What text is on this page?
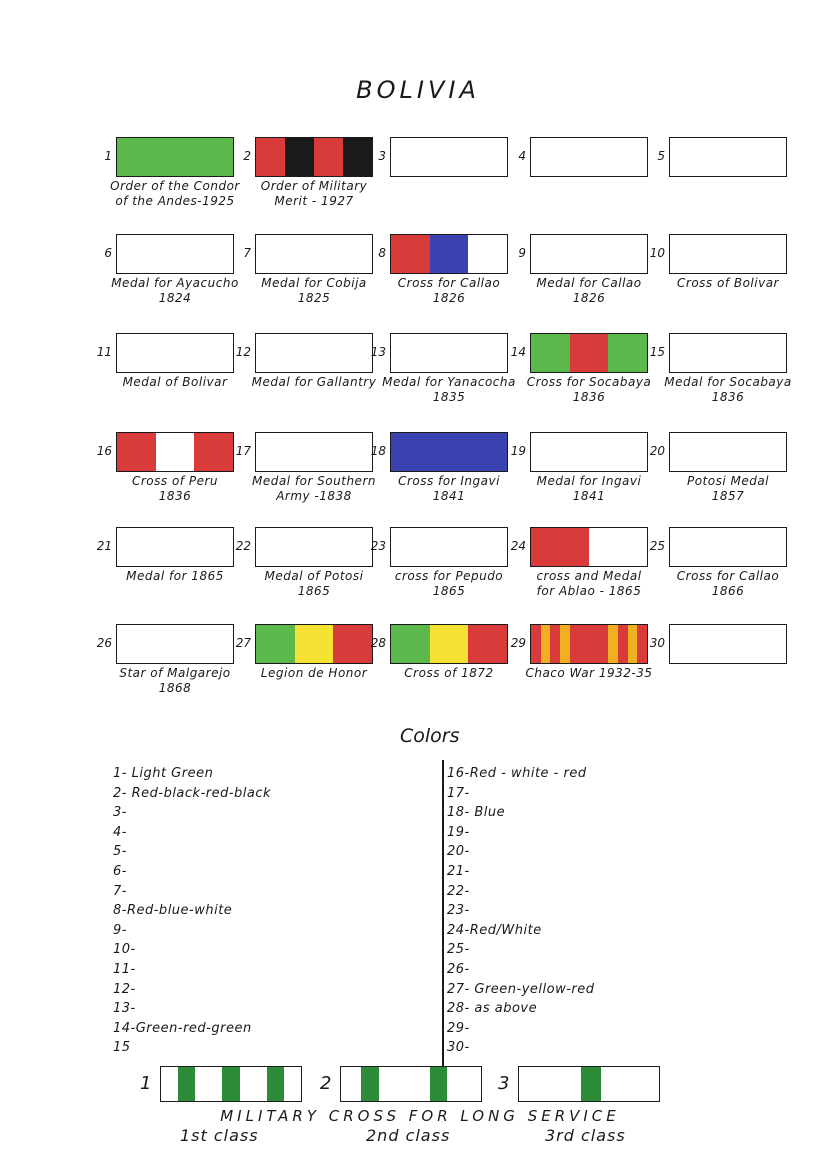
BOLIVIA
1
Order of the Condor
of the Andes-1925
2
Order of Military
Merit - 1927
3	4	5
6
Medal for Ayacucho
1824
7
Medal for Cobija
1825
8
Cross for Callao
1826
9
Medal for Callao
1826
10
Cross of Bolivar
11
Medal of Bolivar
12
Medal for Gallantry
13
Medal for Yanacocha
1835
14
Cross for Socabaya
1836
15
Medal for Socabaya
1836
16
Cross of Peru
1836
17
Medal for Southern
Army -1838
18
Cross for Ingavi
1841
19
Medal for Ingavi
1841
20
Potosi Medal
1857
21
Medal for 1865
22
Medal of Potosi
1865
23
cross for Pepudo
1865
24
cross and Medal
for Ablao - 1865
25
Cross for Callao
1866
26
Star of Malgarejo
1868
27
Legion de Honor
28
Cross of 1872
29
Chaco War 1932-35
30
Colors
1- Light Green
2- Red-black-red-black
3-
4-
5-
6-
7-
8-Red-blue-white
9-
10-
11-
12-
13-
14-Green-red-green
15
16-Red - white - red
17-
18- Blue
19-
20-
21-
22-
23-
24-Red/White
25-
26-
27- Green-yellow-red
28- as above
29-
30-
1
1st class
2
2nd class
3
3rd class
MILITARY CROSS FOR LONG SERVICE
